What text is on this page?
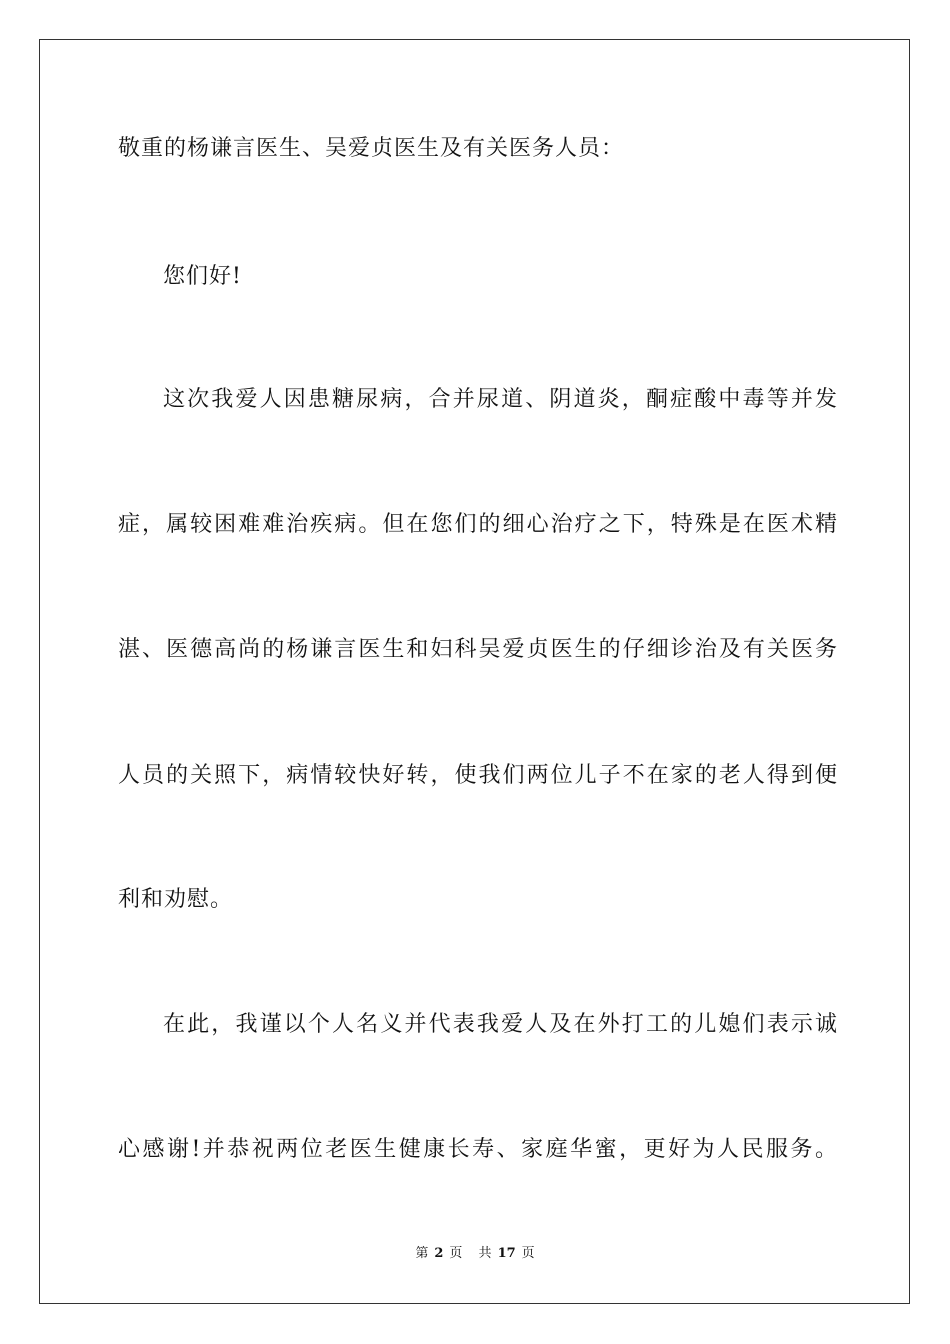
敬重的杨谦言医生、吴爱贞医生及有关医务人员：
您们好!
这次我爱人因患糖尿病，合并尿道、阴道炎，酮症酸中毒等并发
症，属较困难难治疾病。但在您们的细心治疗之下，特殊是在医术精
湛、医德高尚的杨谦言医生和妇科吴爱贞医生的仔细诊治及有关医务
人员的关照下，病情较快好转，使我们两位儿子不在家的老人得到便
利和劝慰。
在此，我谨以个人名义并代表我爱人及在外打工的儿媳们表示诚
心感谢!并恭祝两位老医生健康长寿、家庭华蜜，更好为人民服务。
第 2 页 共 17 页
